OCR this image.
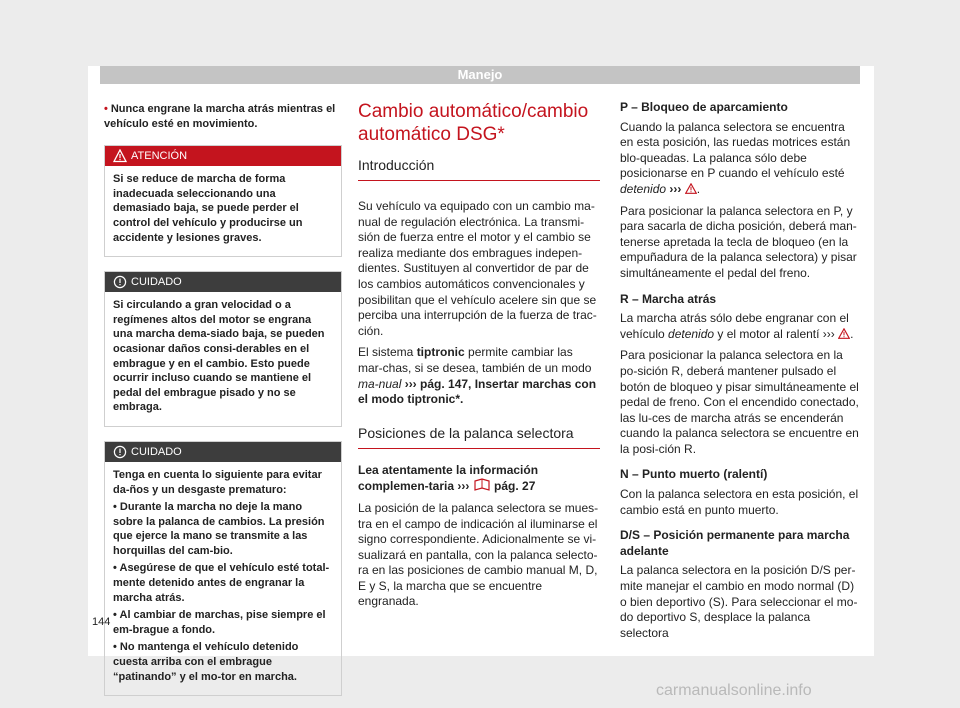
Manejo

• Nunca engrane la marcha atrás mientras el vehículo esté en movimiento.

ATENCIÓN

Si se reduce de marcha de forma inadecuada seleccionando una demasiado baja, se puede perder el control del vehículo y producirse un accidente y lesiones graves.

CUIDADO

Si circulando a gran velocidad o a regímenes altos del motor se engrana una marcha dema-siado baja, se pueden ocasionar daños consi-derables en el embrague y en el cambio. Esto puede ocurrir incluso cuando se mantiene el pedal del embrague pisado y no se embraga.

CUIDADO

Tenga en cuenta lo siguiente para evitar da-ños y un desgaste prematuro:

• Durante la marcha no deje la mano sobre la palanca de cambios. La presión que ejerce la mano se transmite a las horquillas del cam-bio.

• Asegúrese de que el vehículo esté total-mente detenido antes de engranar la marcha atrás.

• Al cambiar de marchas, pise siempre el em-brague a fondo.

• No mantenga el vehículo detenido cuesta arriba con el embrague “patinando” y el mo-tor en marcha.

Cambio automático/cambio automático DSG*
Introducción

Su vehículo va equipado con un cambio ma-nual de regulación electrónica. La transmi-sión de fuerza entre el motor y el cambio se realiza mediante dos embragues indepen-dientes. Sustituyen al convertidor de par de los cambios automáticos convencionales y posibilitan que el vehículo acelere sin que se perciba una interrupción de la fuerza de trac-ción.

El sistema tiptronic permite cambiar las mar-chas, si se desea, también de un modo ma-nual ››› pág. 147, Insertar marchas con el modo tiptronic*.

Posiciones de la palanca selectora

Lea atentamente la información complemen-taria ›››  pág. 27

La posición de la palanca selectora se mues-tra en el campo de indicación al iluminarse el signo correspondiente. Adicionalmente se vi-sualizará en pantalla, con la palanca selecto-ra en las posiciones de cambio manual M, D, E y S, la marcha que se encuentre engranada.

P – Bloqueo de aparcamiento

Cuando la palanca selectora se encuentra en esta posición, las ruedas motrices están blo-queadas. La palanca sólo debe posicionarse en P cuando el vehículo esté detenido ››› .

Para posicionar la palanca selectora en P, y para sacarla de dicha posición, deberá man-tenerse apretada la tecla de bloqueo (en la empuñadura de la palanca selectora) y pisar simultáneamente el pedal del freno.

R – Marcha atrás

La marcha atrás sólo debe engranar con el vehículo detenido y el motor al ralentí ››› .

Para posicionar la palanca selectora en la po-sición R, deberá mantener pulsado el botón de bloqueo y pisar simultáneamente el pedal de freno. Con el encendido conectado, las lu-ces de marcha atrás se encenderán cuando la palanca selectora se encuentre en la posi-ción R.

N – Punto muerto (ralentí)

Con la palanca selectora en esta posición, el cambio está en punto muerto.

D/S – Posición permanente para marcha adelante

La palanca selectora en la posición D/S per-mite manejar el cambio en modo normal (D) o bien deportivo (S). Para seleccionar el mo-do deportivo S, desplace la palanca selectora

144
carmanualsonline.info
